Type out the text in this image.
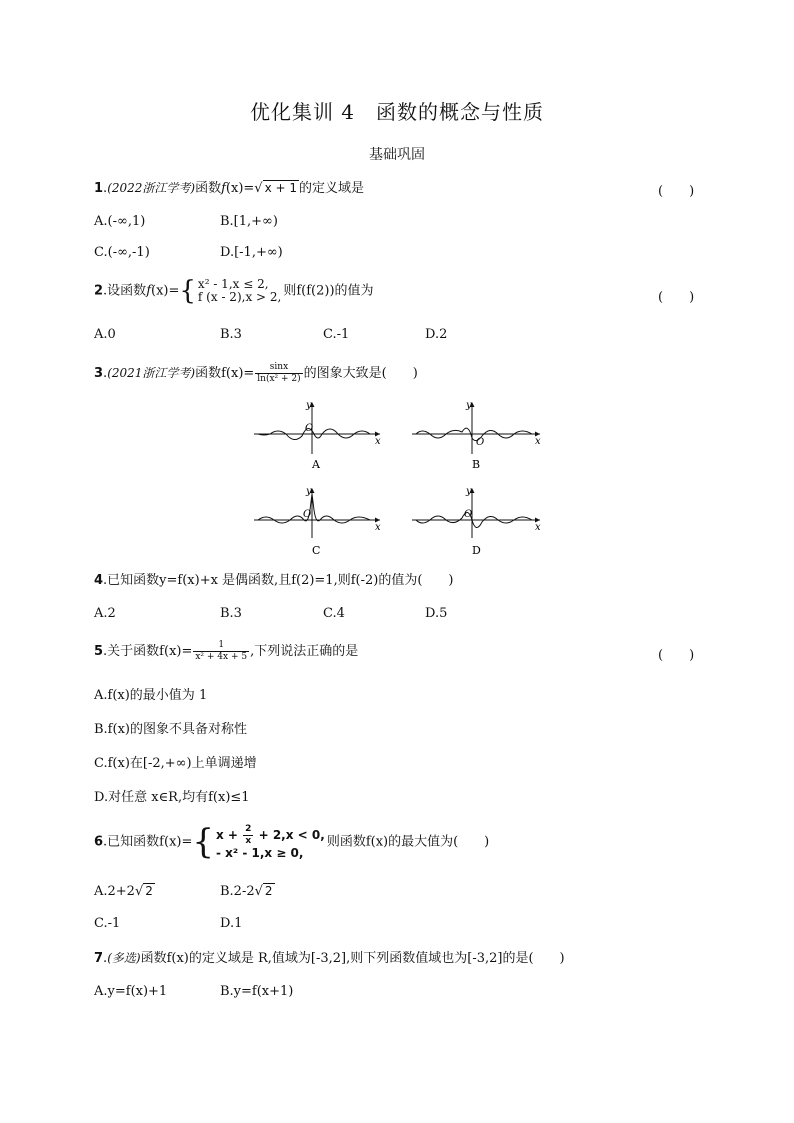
优化集训 4　函数的概念与性质
基础巩固
1.(2022浙江学考)函数f(x)=√ x + 1 的定义域是	(　　)
A.(-∞,1)	B.[1,+∞)
C.(-∞,-1)	D.[-1,+∞)
2.设函数f(x)={ x² - 1,x ≤ 2,
f (x - 2),x > 2, 则f(f(2))的值为	(　　)
A.0	B.3	C.-1	D.2
3.(2021浙江学考)函数$f(x)= \frac{\sin x}{\text{ln(x² + 2)}}$ 的图象大致是(　　)
y
x
O
A
y
x
O
B
y
x
O
C
y
x
O
D
4.已知函数y=f(x)+x 是偶函数,且f(2)=1,则f(-2)的值为(　　)
A.2	B.3	C.4	D.5
5.关于函数$f(x)= \frac{1}{\text{x² + 4x + 5}}$ ,下列说法正确的是	(　　)
A.f(x)的最小值为 1
B.f(x)的图象不具备对称性
C.f(x)在[-2,+∞)上单调递增
D.对任意 x∈R,均有f(x)≤1
6.已知函数f(x)={ $x + \frac{2}{x} + 2,x < 0$,
- x² - 1,x ≥ 0,
则函数f(x)的最大值为(　　)
A.2+2√ 2	B.2-2√ 2
C.-1	D.1
7.(多选)函数f(x)的定义域是 R,值域为[-3,2],则下列函数值域也为[-3,2]的是(　　)
A.y=f(x)+1	B.y=f(x+1)
